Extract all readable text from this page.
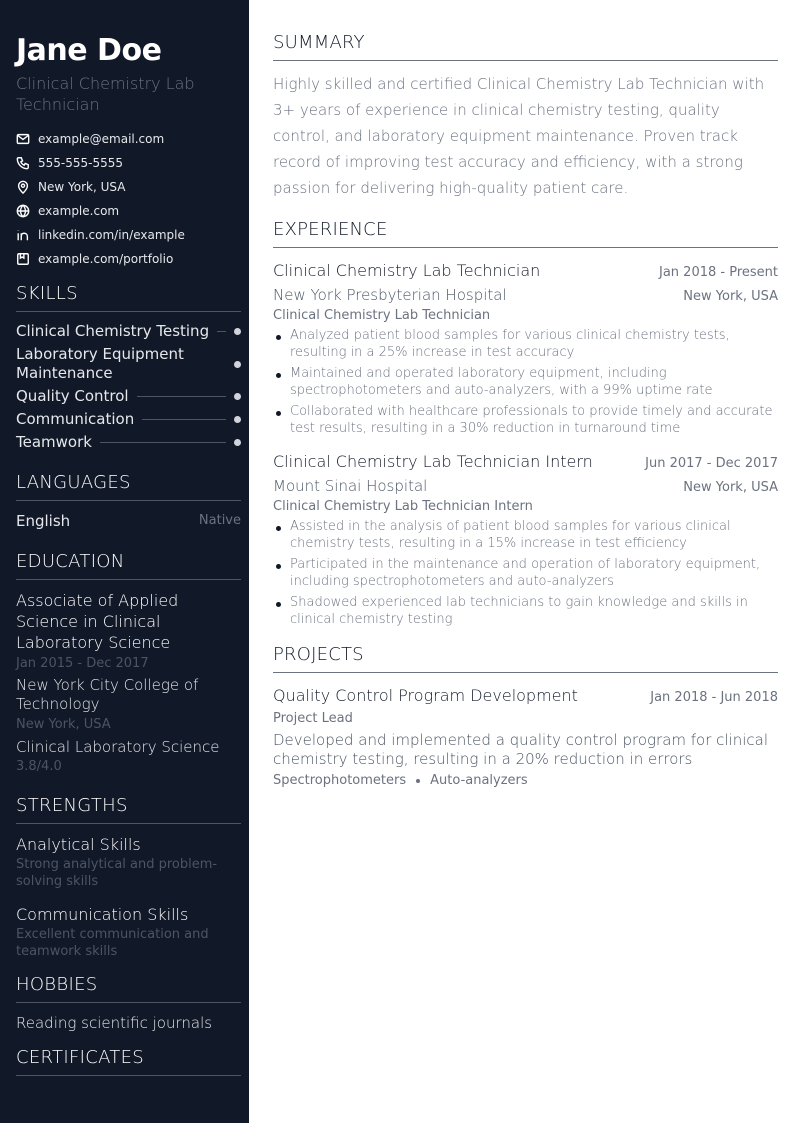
Jane Doe
Clinical Chemistry Lab Technician
example@email.com
555-555-5555
New York, USA
example.com
linkedin.com/in/example
example.com/portfolio
SKILLS
Clinical Chemistry Testing
Laboratory Equipment Maintenance
Quality Control
Communication
Teamwork
LANGUAGES
English	Native
EDUCATION
Associate of Applied Science in Clinical Laboratory Science
Jan 2015 - Dec 2017
New York City College of Technology
New York, USA
Clinical Laboratory Science
3.8/4.0
STRENGTHS
Analytical Skills
Strong analytical and problem-solving skills
Communication Skills
Excellent communication and teamwork skills
HOBBIES
Reading scientific journals
CERTIFICATES
SUMMARY

Highly skilled and certified Clinical Chemistry Lab Technician with 3+ years of experience in clinical chemistry testing, quality control, and laboratory equipment maintenance. Proven track record of improving test accuracy and efficiency, with a strong passion for delivering high-quality patient care.

EXPERIENCE
Clinical Chemistry Lab Technician	Jan 2018 - Present
New York Presbyterian Hospital	New York, USA
Clinical Chemistry Lab Technician
Analyzed patient blood samples for various clinical chemistry tests, resulting in a 25% increase in test accuracy
Maintained and operated laboratory equipment, including spectrophotometers and auto-analyzers, with a 99% uptime rate
Collaborated with healthcare professionals to provide timely and accurate test results, resulting in a 30% reduction in turnaround time
Clinical Chemistry Lab Technician Intern	Jun 2017 - Dec 2017
Mount Sinai Hospital	New York, USA
Clinical Chemistry Lab Technician Intern
Assisted in the analysis of patient blood samples for various clinical chemistry tests, resulting in a 15% increase in test efficiency
Participated in the maintenance and operation of laboratory equipment, including spectrophotometers and auto-analyzers
Shadowed experienced lab technicians to gain knowledge and skills in clinical chemistry testing
PROJECTS
Quality Control Program Development	Jan 2018 - Jun 2018
Project Lead
Developed and implemented a quality control program for clinical chemistry testing, resulting in a 20% reduction in errors
Spectrophotometers Auto-analyzers
